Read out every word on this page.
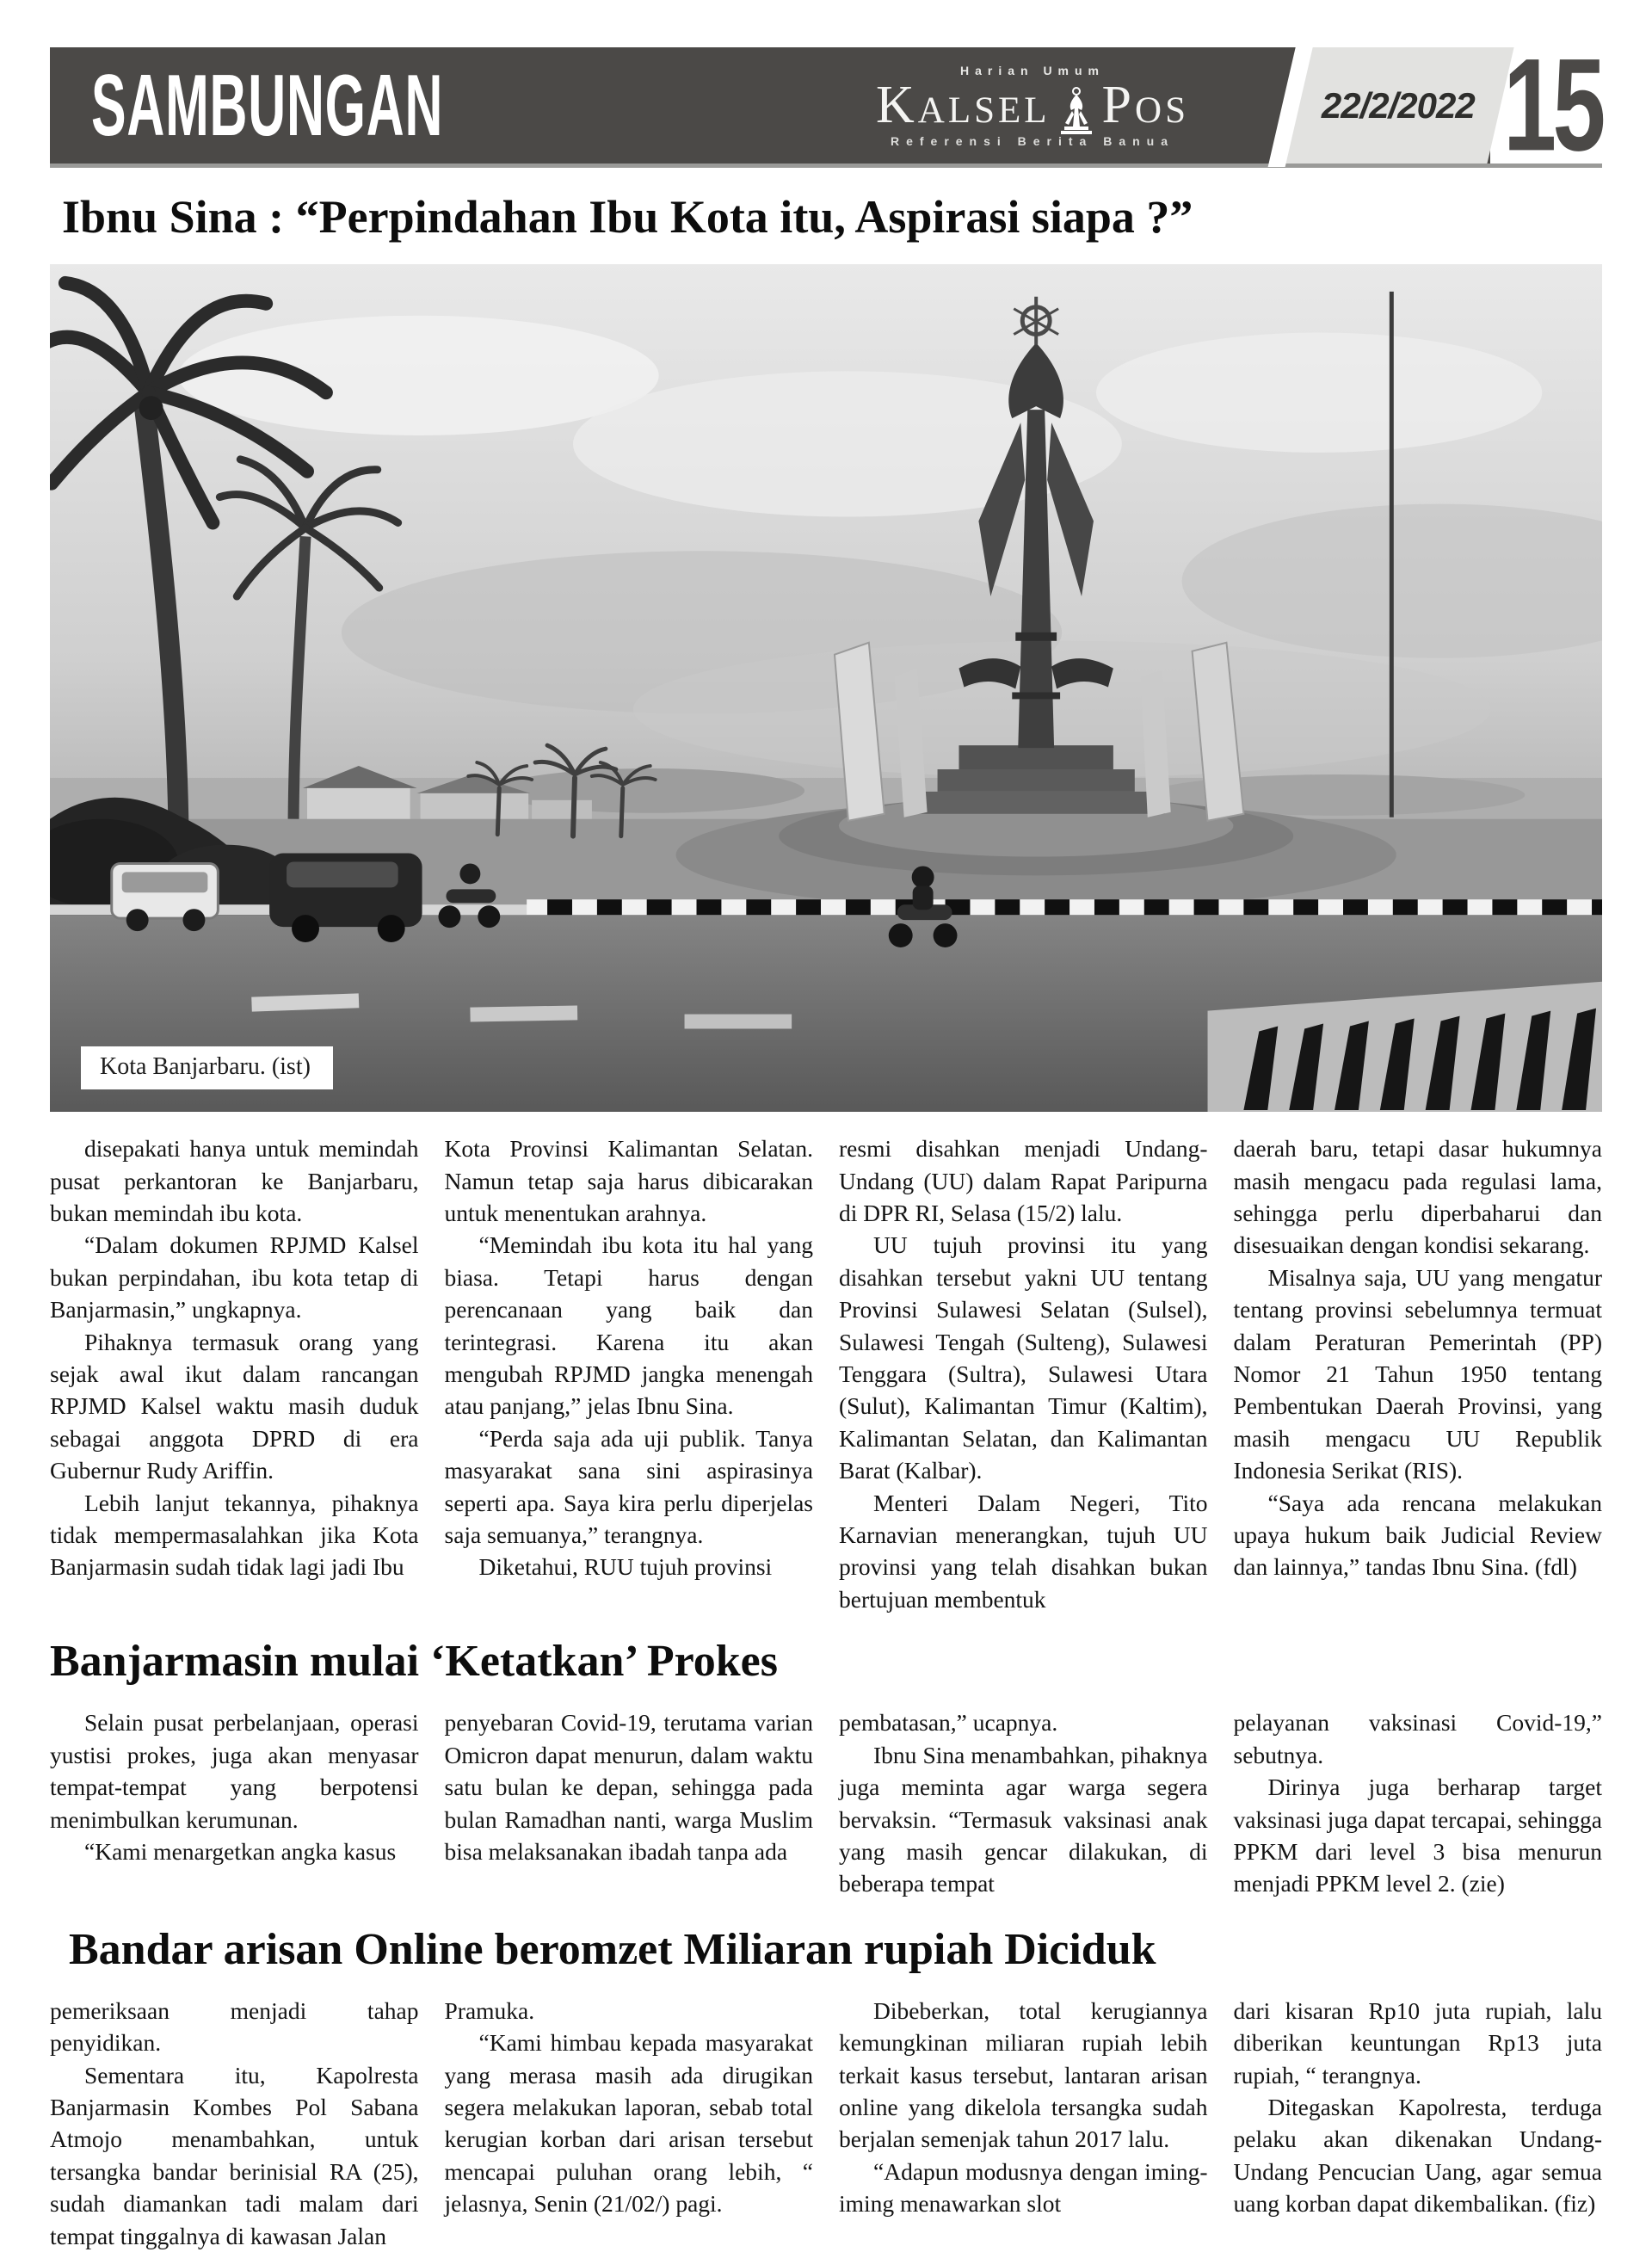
SAMBUNGAN	Harian Umum
Kalsel Pos
Referensi Berita Banua
22/2/2022 15
Ibnu Sina : “Perpindahan Ibu Kota itu, Aspirasi siapa ?”
Kota Banjarbaru. (ist)

disepakati hanya untuk memindah pusat perkantoran ke Banjarbaru, bukan memindah ibu kota.

“Dalam dokumen RPJMD Kalsel bukan perpindahan, ibu kota tetap di Banjarmasin,” ungkapnya.

Pihaknya termasuk orang yang sejak awal ikut dalam rancangan RPJMD Kalsel waktu masih duduk sebagai anggota DPRD di era Gubernur Rudy Ariffin.

Lebih lanjut tekannya, pihaknya tidak mempermasalahkan jika Kota Banjarmasin sudah tidak lagi jadi Ibu

Kota Provinsi Kalimantan Selatan. Namun tetap saja harus dibicarakan untuk menentukan arahnya.

“Memindah ibu kota itu hal yang biasa. Tetapi harus dengan perencanaan yang baik dan terintegrasi. Karena itu akan mengubah RPJMD jangka menengah atau panjang,” jelas Ibnu Sina.

“Perda saja ada uji publik. Tanya masyarakat sana sini aspirasinya seperti apa. Saya kira perlu diperjelas saja semuanya,” terangnya.

Diketahui, RUU tujuh provinsi

resmi disahkan menjadi Undang-Undang (UU) dalam Rapat Paripurna di DPR RI, Selasa (15/2) lalu.

UU tujuh provinsi itu yang disahkan tersebut yakni UU tentang Provinsi Sulawesi Selatan (Sulsel), Sulawesi Tengah (Sulteng), Sulawesi Tenggara (Sultra), Sulawesi Utara (Sulut), Kalimantan Timur (Kaltim), Kalimantan Selatan, dan Kalimantan Barat (Kalbar).

Menteri Dalam Negeri, Tito Karnavian menerangkan, tujuh UU provinsi yang telah disahkan bukan bertujuan membentuk

daerah baru, tetapi dasar hukumnya masih mengacu pada regulasi lama, sehingga perlu diperbaharui dan disesuaikan dengan kondisi sekarang.

Misalnya saja, UU yang mengatur tentang provinsi sebelumnya termuat dalam Peraturan Pemerintah (PP) Nomor 21 Tahun 1950 tentang Pembentukan Daerah Provinsi, yang masih mengacu UU Republik Indonesia Serikat (RIS).

“Saya ada rencana melakukan upaya hukum baik Judicial Review dan lainnya,” tandas Ibnu Sina. (fdl)

Banjarmasin mulai ‘Ketatkan’ Prokes

Selain pusat perbelanjaan, operasi yustisi prokes, juga akan menyasar tempat-tempat yang berpotensi menimbulkan kerumunan.

“Kami menargetkan angka kasus

penyebaran Covid-19, terutama varian Omicron dapat menurun, dalam waktu satu bulan ke depan, sehingga pada bulan Ramadhan nanti, warga Muslim bisa melaksanakan ibadah tanpa ada

pembatasan,” ucapnya.

Ibnu Sina menambahkan, pihaknya juga meminta agar warga segera bervaksin. “Termasuk vaksinasi anak yang masih gencar dilakukan, di beberapa tempat

pelayanan vaksinasi Covid-19,” sebutnya.

Dirinya juga berharap target vaksinasi juga dapat tercapai, sehingga PPKM dari level 3 bisa menurun menjadi PPKM level 2. (zie)

Bandar arisan Online beromzet Miliaran rupiah Diciduk

pemeriksaan menjadi tahap penyidikan.

Sementara itu, Kapolresta Banjarmasin Kombes Pol Sabana Atmojo menambahkan, untuk tersangka bandar berinisial RA (25), sudah diamankan tadi malam dari tempat tinggalnya di kawasan Jalan

Pramuka.

“Kami himbau kepada masyarakat yang merasa masih ada dirugikan segera melakukan laporan, sebab total kerugian korban dari arisan tersebut mencapai puluhan orang lebih, “ jelasnya, Senin (21/02/) pagi.

Dibeberkan, total kerugiannya kemungkinan miliaran rupiah lebih terkait kasus tersebut, lantaran arisan online yang dikelola tersangka sudah berjalan semenjak tahun 2017 lalu.

“Adapun modusnya dengan iming-iming menawarkan slot

dari kisaran Rp10 juta rupiah, lalu diberikan keuntungan Rp13 juta rupiah, “ terangnya.

Ditegaskan Kapolresta, terduga pelaku akan dikenakan Undang-Undang Pencucian Uang, agar semua uang korban dapat dikembalikan. (fiz)
